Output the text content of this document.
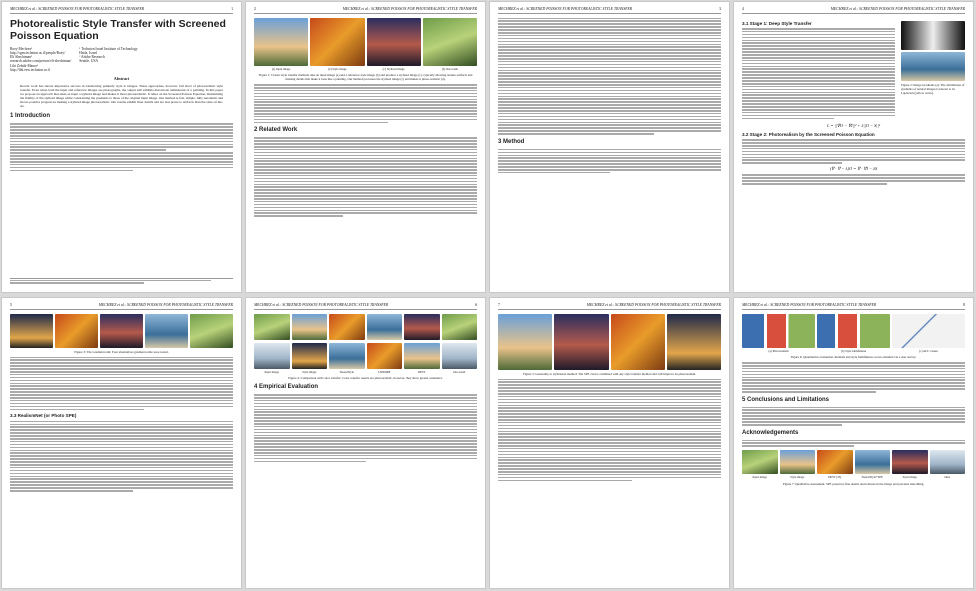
MECHREZ et al.: SCREENED POISSON FOR PHOTOREALISTIC STYLE TRANSFER	1
Photorealistic Style Transfer with Screened Poisson Equation
Roey Mechrez¹
http://cgm.technion.ac.il/people/Roey/
Eli Shechtman²
research.adobe.com/person/eli-shechtman/
Lihi Zelnik-Manor¹
http://lihi.eew.technion.ac.il
¹ Technion Israel Institute of Technology
Haifa, Israel
² Adobe Research
Seattle, USA
Abstract

Recent work has shown impressive success in transferring painterly style to images. These approaches, however, fall short of photorealistic style transfer. Even when both the input and reference images are photographs, the output still exhibits distortions reminiscent of a painting. In this paper we propose an approach that takes as input a stylized image and makes it more photorealistic. It relies on the Screened Poisson Equation, maintaining the fidelity of the stylized image while constraining the gradients to those of the original input image. Our method is fast, simple, fully automatic and shows positive progress in making a stylized image photorealistic. Our results exhibit finer details and are less prone to artifacts than the state-of-the-art.

1 Introduction
2	MECHREZ et al.: SCREENED POISSON FOR PHOTOREALISTIC STYLE TRANSFER
(a) Input image	(b) Style image	(c) Stylized image	(d) Our result

Figure 1: Classic style transfer methods take an input image (a) and a reference style image (b) and produce a stylized image (c), typically showing texture artifacts and missing details that make it look like a painting. Our method processes the stylized image (c) and makes it photo-realistic (d).

2 Related Work
MECHREZ et al.: SCREENED POISSON FOR PHOTOREALISTIC STYLE TRANSFER	3
3 Method
4	MECHREZ et al.: SCREENED POISSON FOR PHOTOREALISTIC STYLE TRANSFER
3.1 Stage 1: Deep Style Transfer

Figure 2: Image Gradients (a): The distribution of gradients of natural images is known to be Laplacian (yellow curve).

L = ||∇O − ∇I||² + λ||O − S||²

3.2 Stage 2: Photorealism by the Screened Poisson Equation

(∇ · ∇ − λ)O = ∇ · ∇I − λS

5	MECHREZ et al.: SCREENED POISSON FOR PHOTOREALISTIC STYLE TRANSFER

Figure 3: The Gradient term: Four alternatives gradient terms were tested.

3.3 RealismNet (or Photo SPE)
MECHREZ et al.: SCREENED POISSON FOR PHOTOREALISTIC STYLE TRANSFER	6
Input image	Style image	NeuralStyle	CNNMRF	DPST	Our result

Figure 4: Comparison with color transfer: Color transfer results are photorealistic, however, they show greater semantics.

4 Empirical Evaluation
7	MECHREZ et al.: SCREENED POISSON FOR PHOTOREALISTIC STYLE TRANSFER

Figure 5: Generality to stylization method: The SPE can be combined with any style transfer method and will improve its photorealism.

MECHREZ et al.: SCREENED POISSON FOR PHOTOREALISTIC STYLE TRANSFER	8
(a) Photorealism	(b) Style faithfulness	(c) AUC values

Figure 6: Quantitative evaluation. Realism and style faithfulness scores obtained via a user survey.

5 Conclusions and Limitations
Acknowledgements
Input image	Style image	DPST [33]	NeuralStyle+SPE	Style image	Ours

Figure 7: Qualitative assessment. SPE preserves fine details and textures in the image and prevents smoothing.
